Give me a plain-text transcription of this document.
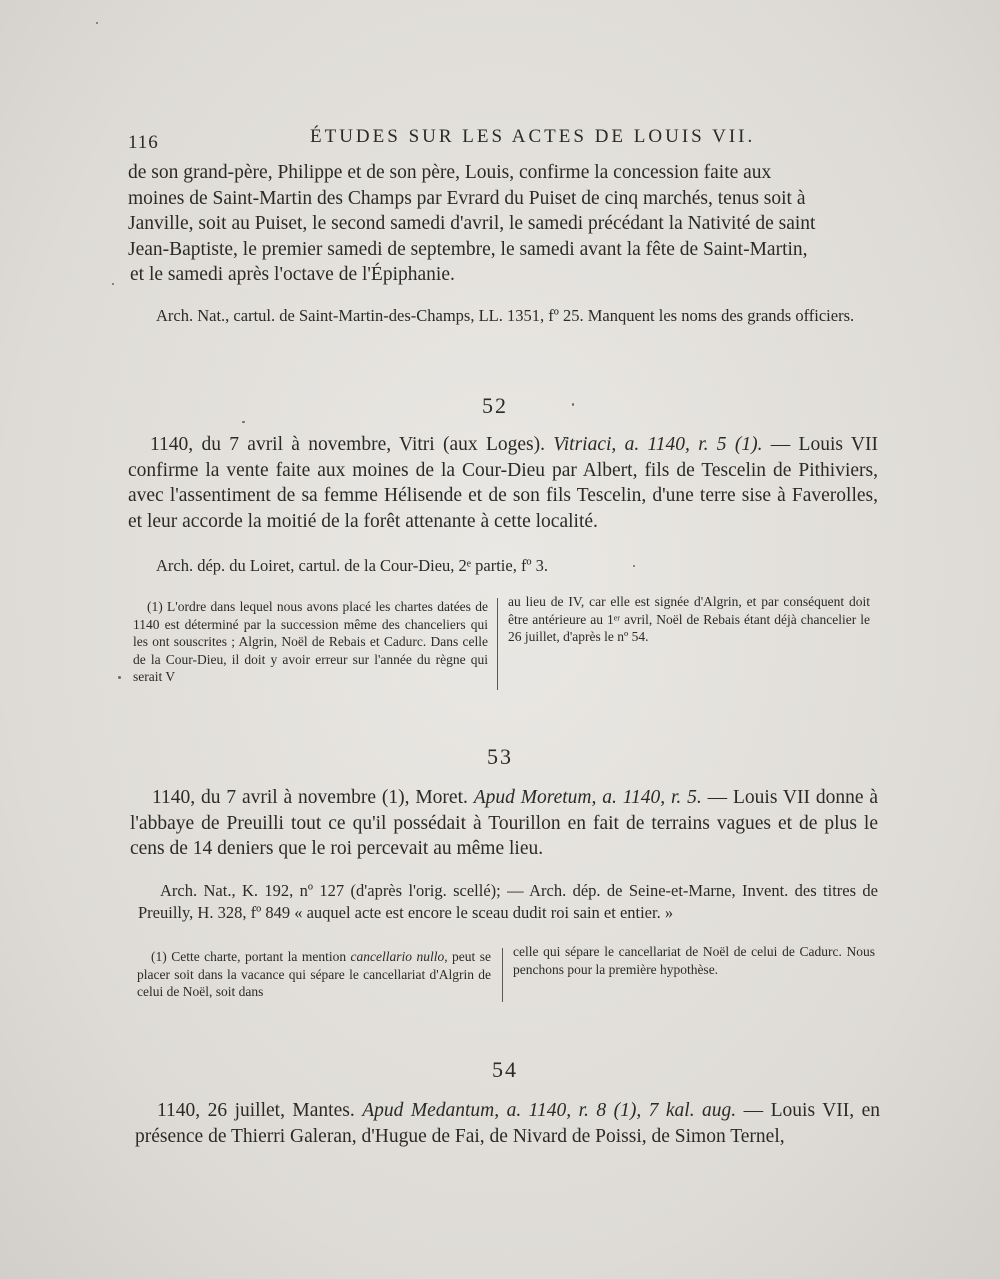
116	ÉTUDES SUR LES ACTES DE LOUIS VII.

de son grand-père, Philippe et de son père, Louis, confirme la concession faite aux

moines de Saint-Martin des Champs par Evrard du Puiset de cinq marchés, tenus soit à

Janville, soit au Puiset, le second samedi d'avril, le samedi précédant la Nativité de saint

Jean-Baptiste, le premier samedi de septembre, le samedi avant la fête de Saint-Martin,

et le samedi après l'octave de l'Épiphanie.

Arch. Nat., cartul. de Saint-Martin-des-Champs, LL. 1351, fº 25. Manquent les noms des grands officiers.

52

1140, du 7 avril à novembre, Vitri (aux Loges). Vitriaci, a. 1140, r. 5 (1). — Louis VII confirme la vente faite aux moines de la Cour-Dieu par Albert, fils de Tescelin de Pithiviers, avec l'assentiment de sa femme Hélisende et de son fils Tescelin, d'une terre sise à Faverolles, et leur accorde la moitié de la forêt attenante à cette localité.

Arch. dép. du Loiret, cartul. de la Cour-Dieu, 2ᵉ partie, fº 3.

(1) L'ordre dans lequel nous avons placé les chartes datées de 1140 est déterminé par la succession même des chanceliers qui les ont souscrites ; Algrin, Noël de Rebais et Cadurc. Dans celle de la Cour-Dieu, il doit y avoir erreur sur l'année du règne qui serait V

au lieu de IV, car elle est signée d'Algrin, et par conséquent doit être antérieure au 1ᵉʳ avril, Noël de Rebais étant déjà chancelier le 26 juillet, d'après le nº 54.

53

1140, du 7 avril à novembre (1), Moret. Apud Moretum, a. 1140, r. 5. — Louis VII donne à l'abbaye de Preuilli tout ce qu'il possédait à Tourillon en fait de terrains vagues et de plus le cens de 14 deniers que le roi percevait au même lieu.

Arch. Nat., K. 192, nº 127 (d'après l'orig. scellé); — Arch. dép. de Seine-et-Marne, Invent. des titres de Preuilly, H. 328, fº 849 « auquel acte est encore le sceau dudit roi sain et entier. »

(1) Cette charte, portant la mention cancellario nullo, peut se placer soit dans la vacance qui sépare le cancellariat d'Algrin de celui de Noël, soit dans

celle qui sépare le cancellariat de Noël de celui de Cadurc. Nous penchons pour la première hypothèse.

54

1140, 26 juillet, Mantes. Apud Medantum, a. 1140, r. 8 (1), 7 kal. aug. — Louis VII, en présence de Thierri Galeran, d'Hugue de Fai, de Nivard de Poissi, de Simon Ternel,
